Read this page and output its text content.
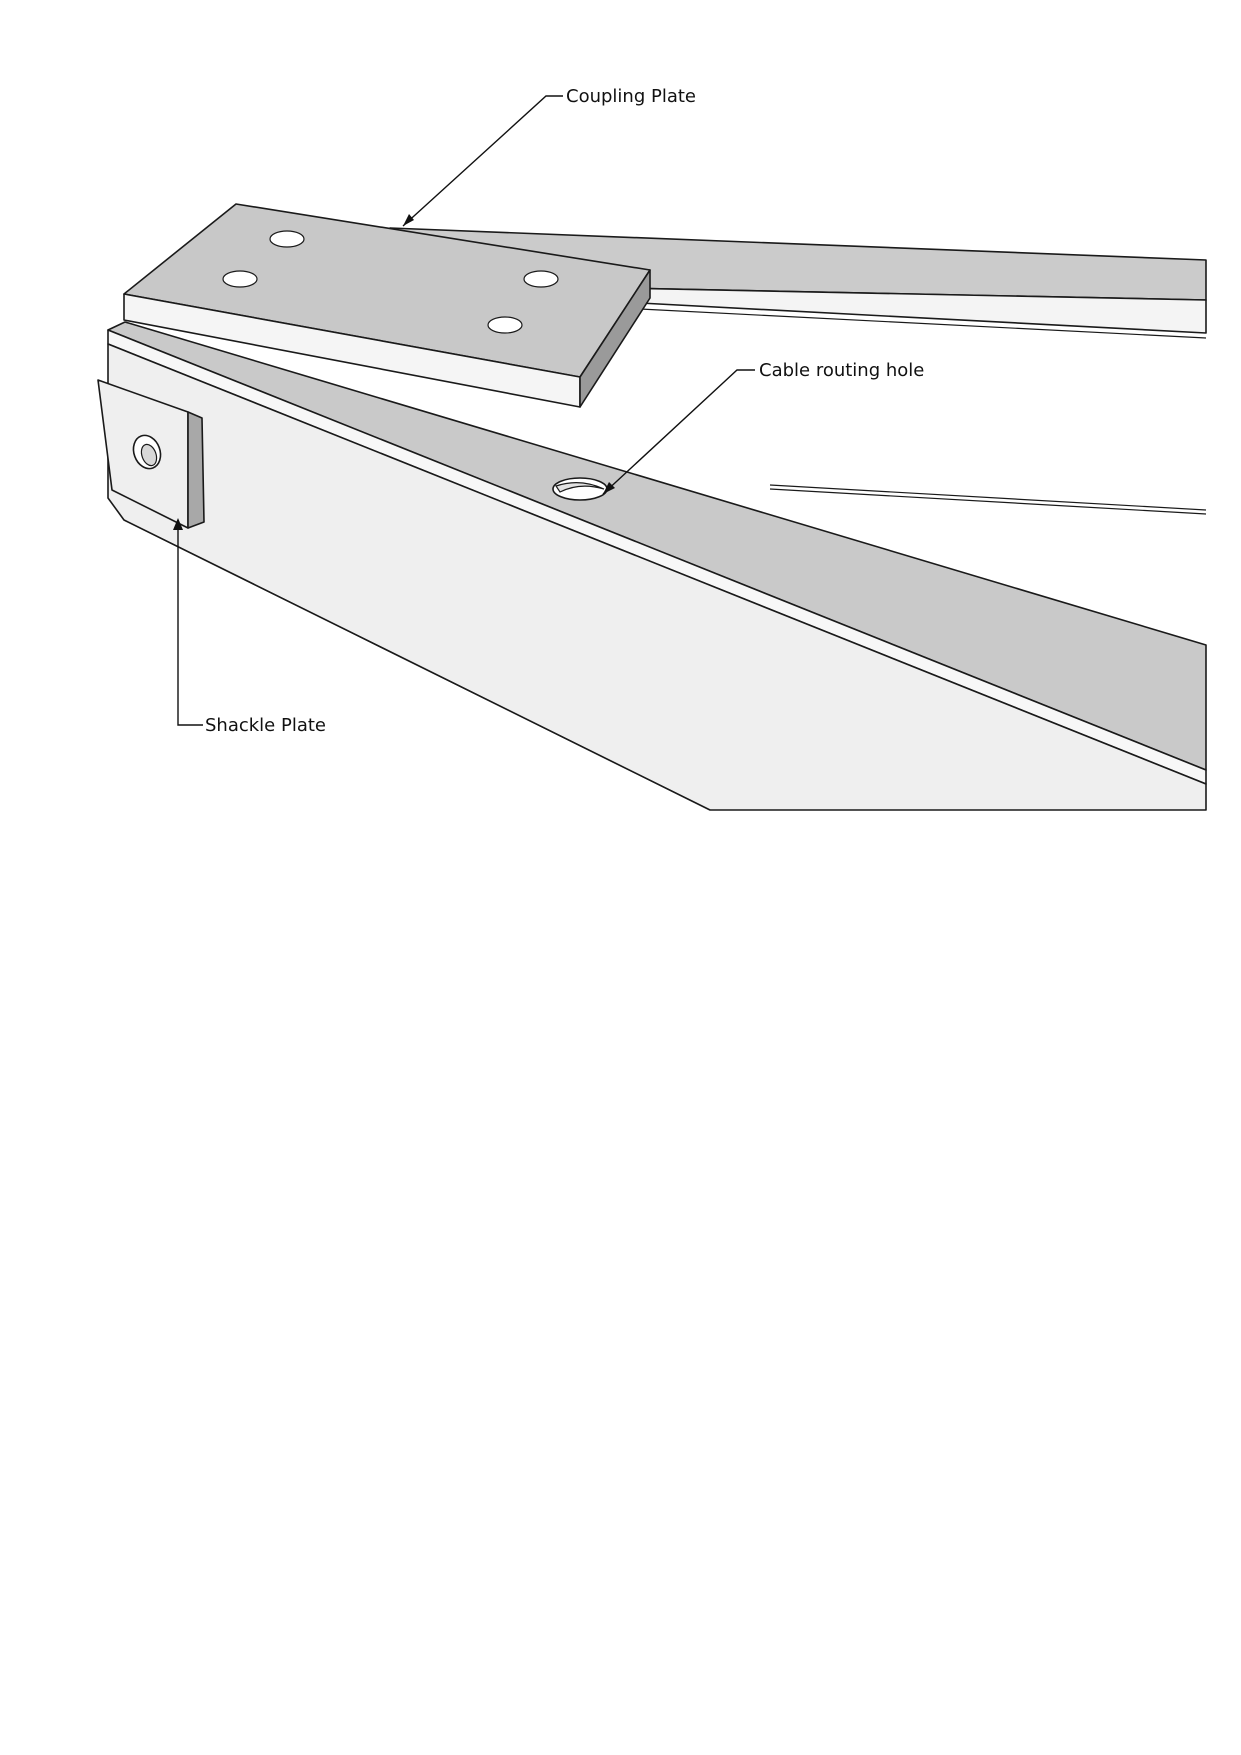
Coupling Plate
Cable routing hole
Shackle Plate
